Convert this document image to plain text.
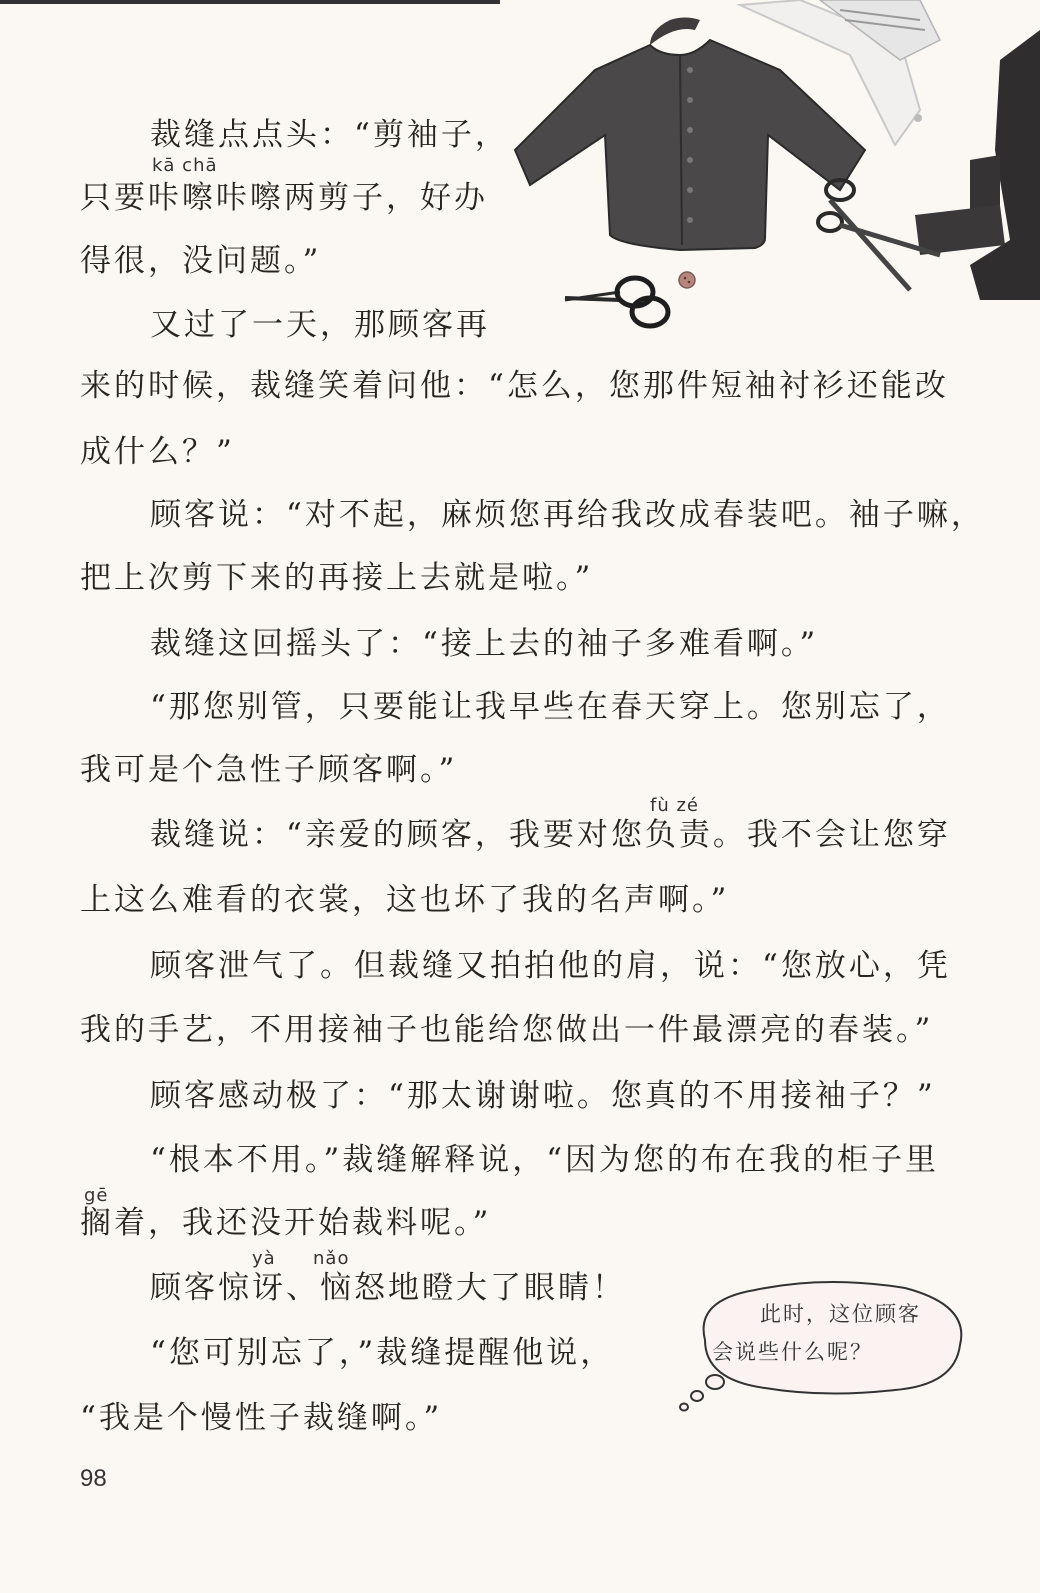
kā chā
fù zé
gē
yà nǎo
裁缝点点头：“剪袖子，
只要咔嚓咔嚓两剪子，好办
得很，没问题。”
又过了一天，那顾客再
来的时候，裁缝笑着问他：“怎么，您那件短袖衬衫还能改
成什么？”
顾客说：“对不起，麻烦您再给我改成春装吧。袖子嘛，
把上次剪下来的再接上去就是啦。”
裁缝这回摇头了：“接上去的袖子多难看啊。”
“那您别管，只要能让我早些在春天穿上。您别忘了，
我可是个急性子顾客啊。”
裁缝说：“亲爱的顾客，我要对您负责。我不会让您穿
上这么难看的衣裳，这也坏了我的名声啊。”
顾客泄气了。但裁缝又拍拍他的肩，说：“您放心，凭
我的手艺，不用接袖子也能给您做出一件最漂亮的春装。”
顾客感动极了：“那太谢谢啦。您真的不用接袖子？”
“根本不用。”裁缝解释说，“因为您的布在我的柜子里
搁着，我还没开始裁料呢。”
顾客惊讶、恼怒地瞪大了眼睛！
“您可别忘了，”裁缝提醒他说，
“我是个慢性子裁缝啊。”
此时，这位顾客
会说些什么呢？
98
